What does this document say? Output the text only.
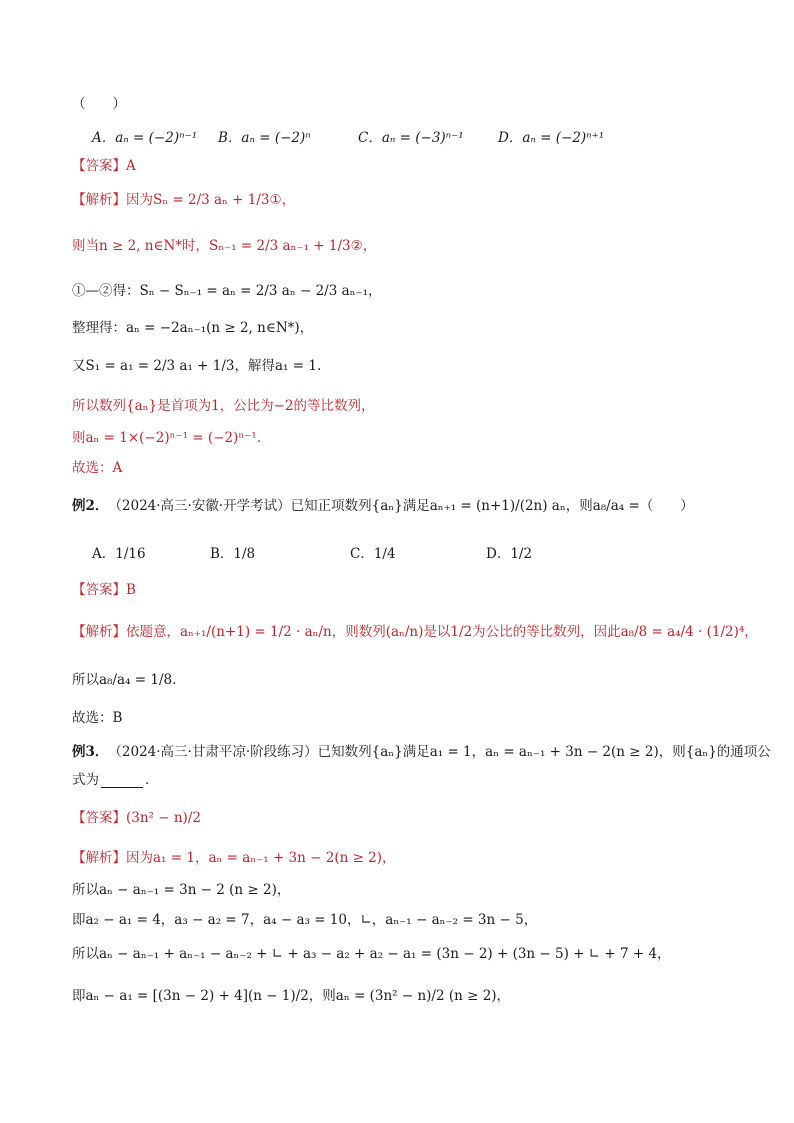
（　　）
A．aₙ = (−2)ⁿ⁻¹	B．aₙ = (−2)ⁿ	C．aₙ = (−3)ⁿ⁻¹	D．aₙ = (−2)ⁿ⁺¹
【答案】 A
【解析】 因为Sₙ = 2/3 aₙ + 1/3①，
则当n ≥ 2, n∈N*时，Sₙ₋₁ = 2/3 aₙ₋₁ + 1/3②，
①—②得：Sₙ − Sₙ₋₁ = aₙ = 2/3 aₙ − 2/3 aₙ₋₁，
整理得：aₙ = −2aₙ₋₁(n ≥ 2, n∈N*)，
又S₁ = a₁ = 2/3 a₁ + 1/3，解得a₁ = 1.
所以数列{aₙ}是首项为1，公比为−2的等比数列，
则aₙ = 1×(−2)ⁿ⁻¹ = (−2)ⁿ⁻¹.
故选：A
例2． （2024·高三·安徽·开学考试）已知正项数列{aₙ}满足aₙ₊₁ = (n+1)/(2n) aₙ，则a₈/a₄ =（　　）
A．1/16	B．1/8	C．1/4	D．1/2
【答案】 B
【解析】 依题意，aₙ₊₁/(n+1) = 1/2 · aₙ/n，则数列(aₙ/n)是以1/2为公比的等比数列，因此a₈/8 = a₄/4 · (1/2)⁴，
所以a₈/a₄ = 1/8.
故选：B
例3． （2024·高三·甘肃平凉·阶段练习）已知数列{aₙ}满足a₁ = 1，aₙ = aₙ₋₁ + 3n − 2(n ≥ 2)，则{aₙ}的通项公
式为	．
【答案】 (3n² − n)/2
【解析】 因为a₁ = 1，aₙ = aₙ₋₁ + 3n − 2(n ≥ 2)，
所以aₙ − aₙ₋₁ = 3n − 2 (n ≥ 2)，
即a₂ − a₁ = 4，a₃ − a₂ = 7，a₄ − a₃ = 10，∟，aₙ₋₁ − aₙ₋₂ = 3n − 5，
所以aₙ − aₙ₋₁ + aₙ₋₁ − aₙ₋₂ + ∟ + a₃ − a₂ + a₂ − a₁ = (3n − 2) + (3n − 5) + ∟ + 7 + 4，
即aₙ − a₁ = [(3n − 2) + 4](n − 1)/2，则aₙ = (3n² − n)/2 (n ≥ 2)，
